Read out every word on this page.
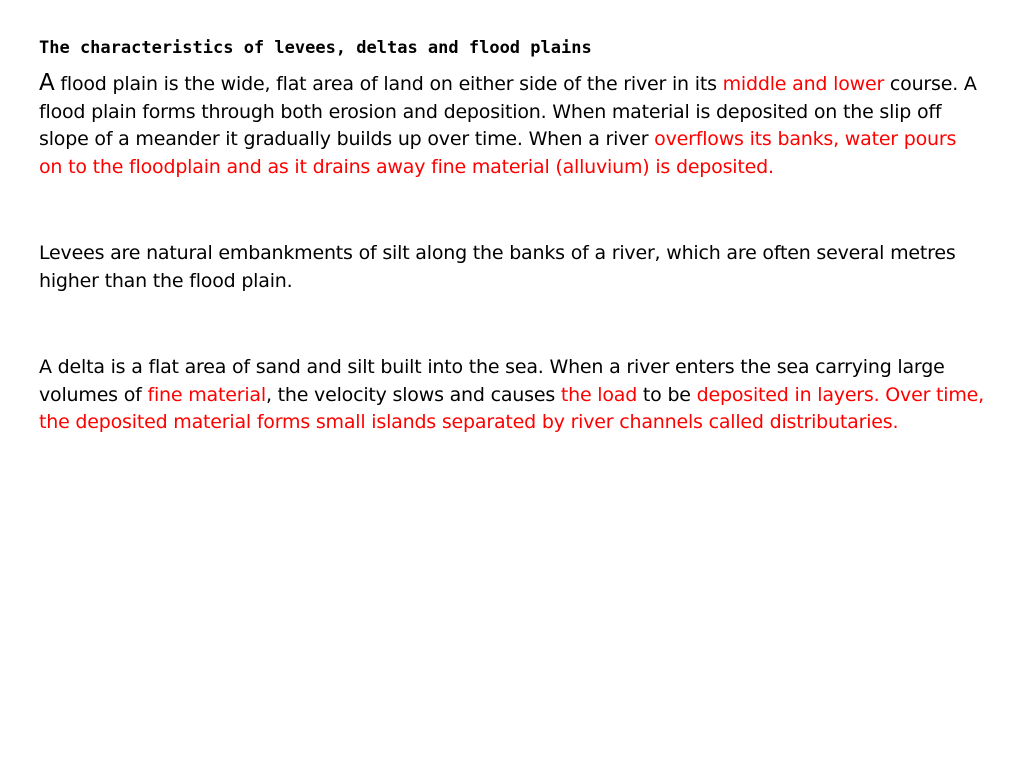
The characteristics of levees, deltas and flood plains

A flood plain is the wide, flat area of land on either side of the river in its middle and lower course. A flood plain forms through both erosion and deposition. When material is deposited on the slip off slope of a meander it gradually builds up over time. When a river overflows its banks, water pours on to the floodplain and as it drains away fine material (alluvium) is deposited.

Levees are natural embankments of silt along the banks of a river, which are often several metres higher than the flood plain.

A delta is a flat area of sand and silt built into the sea. When a river enters the sea carrying large volumes of fine material, the velocity slows and causes the load to be deposited in layers. Over time, the deposited material forms small islands separated by river channels called distributaries.
